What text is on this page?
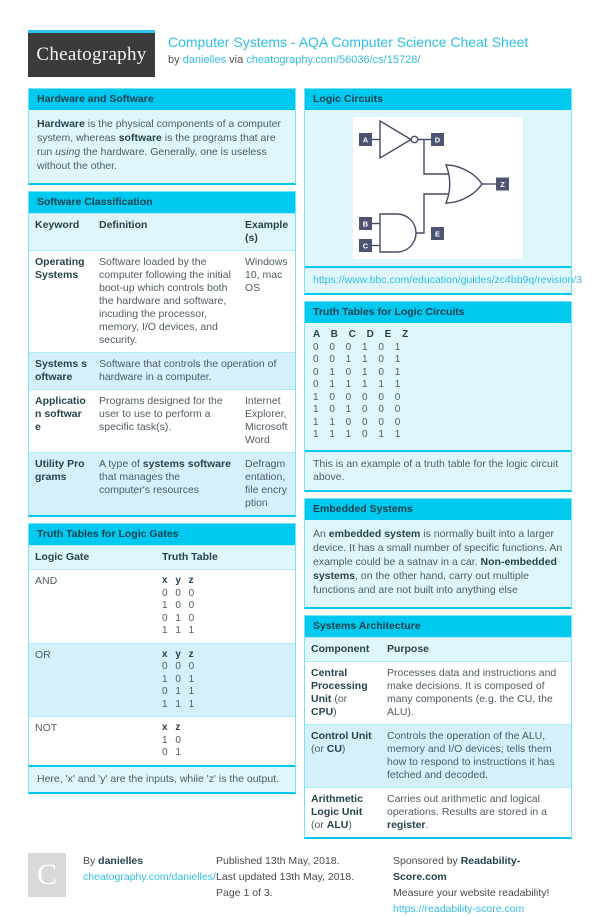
Cheatography
Computer Systems - AQA Computer Science Cheat Sheet
by danielles via cheatography.com/56036/cs/15728/
Hardware and Software
Hardware is the physical components of a computer system, whereas software is the programs that are run using the hardware. Generally, one is useless without the other.
Software Classification
Keyword	Definition	Example(s)
Operating Systems	Software loaded by the computer following the initial boot-up which controls both the hardware and software, incuding the processor, memory, I/O devices, and security.	Windows 10, macOS
Systems software	Software that controls the operation of hardware in a computer.	
Application software	Programs designed for the user to use to perform a specific task(s).	Internet Explorer, Microsoft Word
Utility Programs	A type of systems software that manages the computer's resources	Defragmentation, file encryption
Truth Tables for Logic Gates
Logic Gate	Truth Table
AND	x y z
0 0 0
1 0 0
0 1 0
1 1 1

OR	x y z
0 0 0
1 0 1
0 1 1
1 1 1

NOT	x z
1 0
0 1
Here, 'x' and 'y' are the inputs, while 'z' is the output.
Logic Circuits
A	D
B
C
E
Z
https://www.bbc.com/education/guides/zc4bb9q/revision/3
Truth Tables for Logic Circuits
A B C D E Z
0 0 0 1 0 1
0 0 1 1 0 1
0 1 0 1 0 1
0 1 1 1 1 1
1 0 0 0 0 0
1 0 1 0 0 0
1 1 0 0 0 0
1 1 1 0 1 1
This is an example of a truth table for the logic circuit above.
Embedded Systems
An embedded system is normally built into a larger device. It has a small number of specific functions. An example could be a satnav in a car. Non-embedded systems, on the other hand, carry out multiple functions and are not built into anything else
Systems Architecture
Component	Purpose
Central Processing Unit (or CPU)	Processes data and instructions and make decisions. It is composed of many components (e.g. the CU, the ALU).
Control Unit (or CU)	Controls the operation of the ALU, memory and I/O devices; tells them how to respond to instructions it has fetched and decoded.
Arithmetic Logic Unit (or ALU)	Carries out arithmetic and logical operations. Results are stored in a register.
C By danielles
cheatography.com/danielles/
Published 13th May, 2018.
Last updated 13th May, 2018.
Page 1 of 3.
Sponsored by Readability-Score.com
Measure your website readability!
https://readability-score.com
